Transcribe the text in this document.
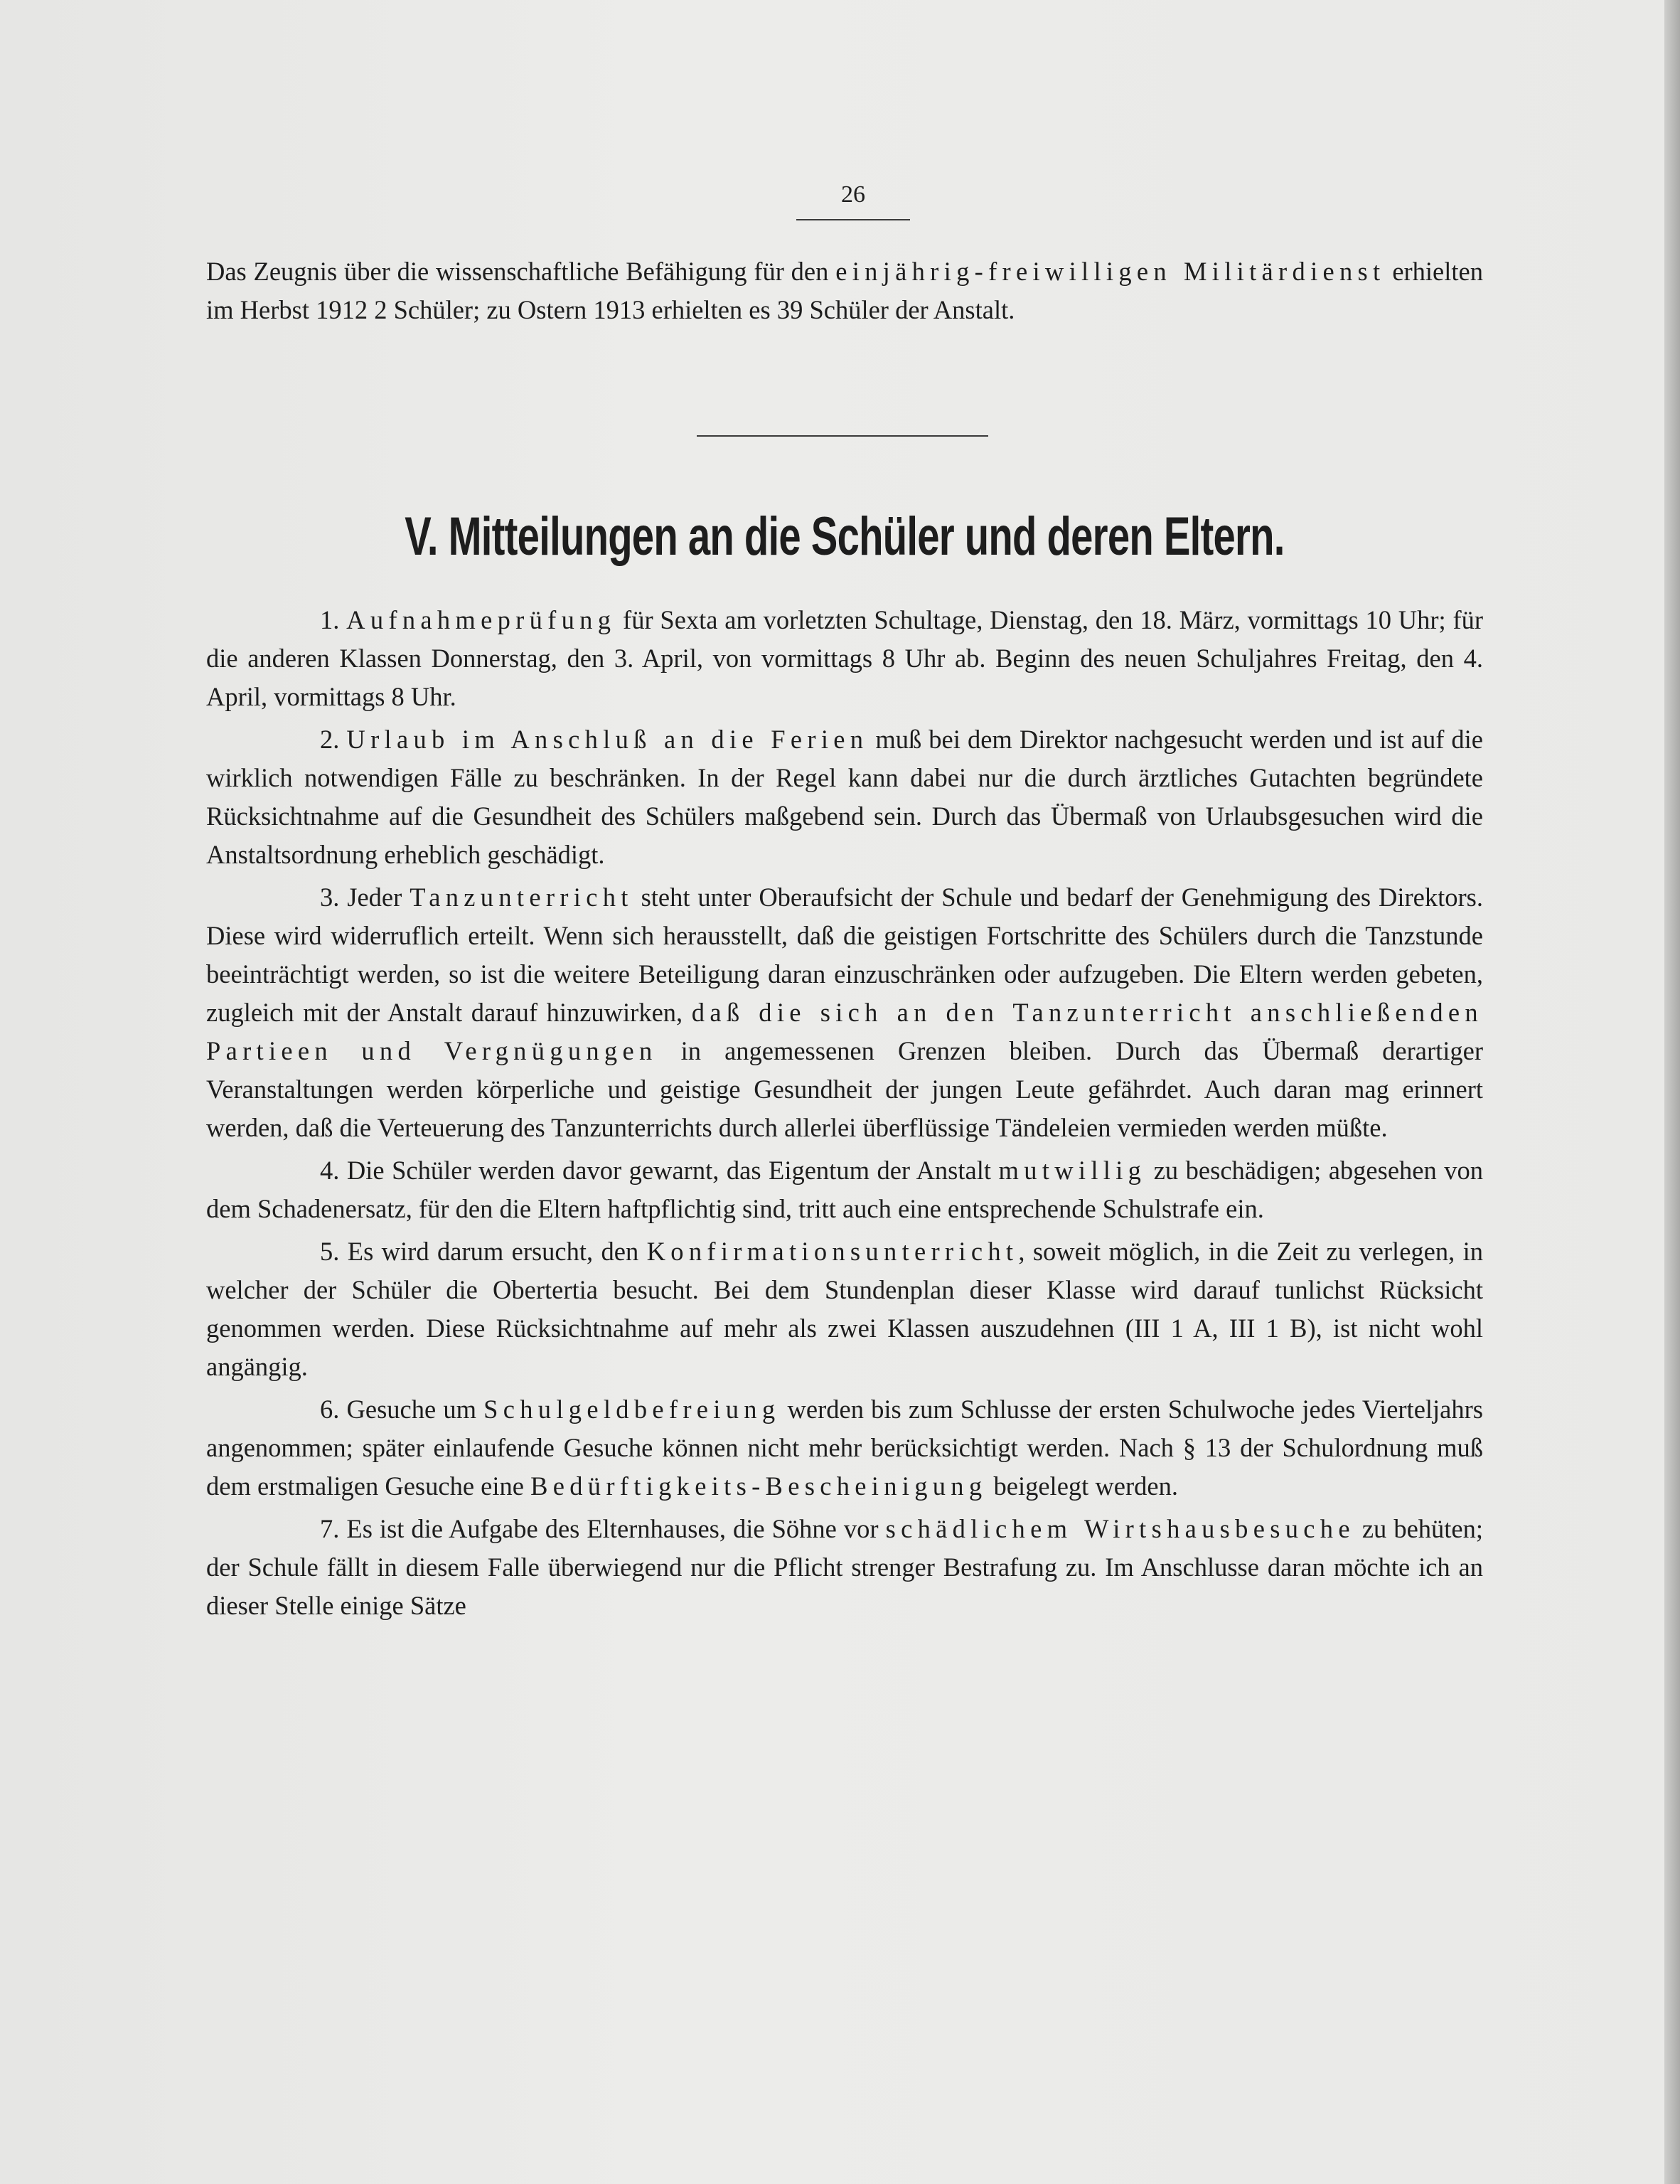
26

Das Zeugnis über die wissenschaftliche Befähigung für den einjährig-freiwilligen Militärdienst erhielten im Herbst 1912 2 Schüler; zu Ostern 1913 erhielten es 39 Schüler der Anstalt.

V. Mitteilungen an die Schüler und deren Eltern.

1. Aufnahmeprüfung für Sexta am vorletzten Schultage, Dienstag, den 18. März, vormittags 10 Uhr; für die anderen Klassen Donnerstag, den 3. April, von vormittags 8 Uhr ab. Beginn des neuen Schuljahres Freitag, den 4. April, vormittags 8 Uhr.

2. Urlaub im Anschluß an die Ferien muß bei dem Direktor nachgesucht werden und ist auf die wirklich notwendigen Fälle zu beschränken. In der Regel kann dabei nur die durch ärztliches Gutachten begründete Rücksichtnahme auf die Gesundheit des Schülers maßgebend sein. Durch das Übermaß von Urlaubsgesuchen wird die Anstaltsordnung erheblich geschädigt.

3. Jeder Tanzunterricht steht unter Oberaufsicht der Schule und bedarf der Genehmigung des Direktors. Diese wird widerruflich erteilt. Wenn sich herausstellt, daß die geistigen Fortschritte des Schülers durch die Tanzstunde beeinträchtigt werden, so ist die weitere Beteiligung daran einzuschränken oder aufzugeben. Die Eltern werden gebeten, zugleich mit der Anstalt darauf hinzuwirken, daß die sich an den Tanzunterricht anschließenden Partieen und Vergnügungen in angemessenen Grenzen bleiben. Durch das Übermaß derartiger Veranstaltungen werden körperliche und geistige Gesundheit der jungen Leute gefährdet. Auch daran mag erinnert werden, daß die Verteuerung des Tanzunterrichts durch allerlei überflüssige Tändeleien vermieden werden müßte.

4. Die Schüler werden davor gewarnt, das Eigentum der Anstalt mutwillig zu beschädigen; abgesehen von dem Schadenersatz, für den die Eltern haftpflichtig sind, tritt auch eine entsprechende Schulstrafe ein.

5. Es wird darum ersucht, den Konfirmationsunterricht, soweit möglich, in die Zeit zu verlegen, in welcher der Schüler die Obertertia besucht. Bei dem Stundenplan dieser Klasse wird darauf tunlichst Rücksicht genommen werden. Diese Rücksichtnahme auf mehr als zwei Klassen auszudehnen (III 1 A, III 1 B), ist nicht wohl angängig.

6. Gesuche um Schulgeldbefreiung werden bis zum Schlusse der ersten Schulwoche jedes Vierteljahrs angenommen; später einlaufende Gesuche können nicht mehr berücksichtigt werden. Nach § 13 der Schulordnung muß dem erstmaligen Gesuche eine Bedürftigkeits-Bescheinigung beigelegt werden.

7. Es ist die Aufgabe des Elternhauses, die Söhne vor schädlichem Wirtshausbesuche zu behüten; der Schule fällt in diesem Falle überwiegend nur die Pflicht strenger Bestrafung zu. Im Anschlusse daran möchte ich an dieser Stelle einige Sätze
